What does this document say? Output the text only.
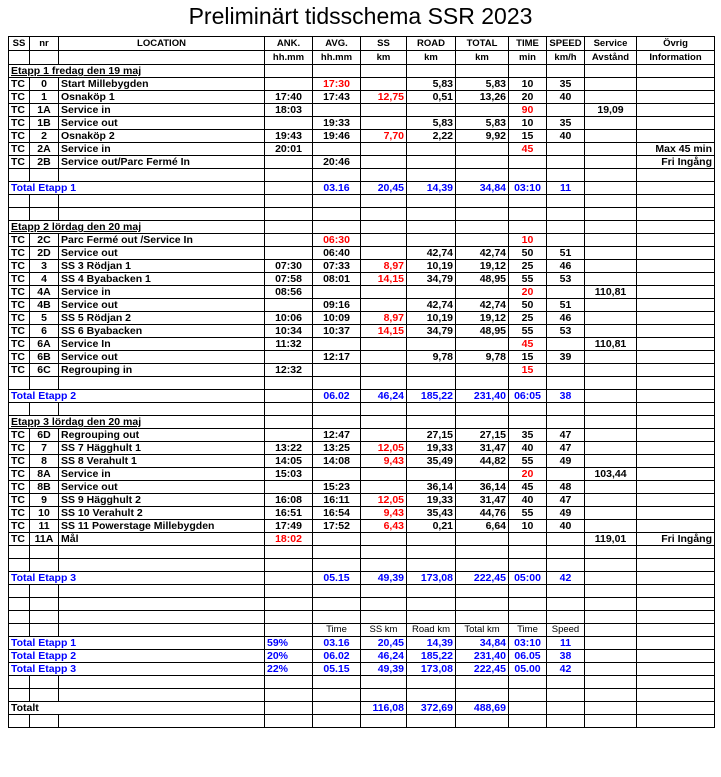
Preliminärt tidsschema SSR 2023
SS	nr	LOCATION	ANK.	AVG.	SS	ROAD	TOTAL	TIME	SPEED	Service	Övrig
			hh.mm	hh.mm	km	km	km	min	km/h	Avstånd	Information
Etapp 1 fredag den 19 maj											
TC	0	Start Millebygden		17:30		5,83	5,83	10	35		
TC	1	Osnaköp 1	17:40	17:43	12,75	0,51	13,26	20	40		
TC	1A	Service in	18:03					90		19,09	
TC	1B	Service out		19:33		5,83	5,83	10	35		
TC	2	Osnaköp 2	19:43	19:46	7,70	2,22	9,92	15	40		
TC	2A	Service in	20:01					45			Max 45 min
TC	2B	Service out/Parc Fermé In		20:46							Fri Ingång

Total Etapp 1				03.16	20,45	14,39	34,84	03:10	11		

Etapp 2 lördag den 20 maj											
TC	2C	Parc Fermé out /Service In		06:30				10			
TC	2D	Service out		06:40		42,74	42,74	50	51		
TC	3	SS 3 Rödjan 1	07:30	07:33	8,97	10,19	19,12	25	46		
TC	4	SS 4 Byabacken 1	07:58	08:01	14,15	34,79	48,95	55	53		
TC	4A	Service in	08:56					20		110,81	
TC	4B	Service out		09:16		42,74	42,74	50	51		
TC	5	SS 5 Rödjan 2	10:06	10:09	8,97	10,19	19,12	25	46		
TC	6	SS 6 Byabacken	10:34	10:37	14,15	34,79	48,95	55	53		
TC	6A	Service In	11:32					45		110,81	
TC	6B	Service out		12:17		9,78	9,78	15	39		
TC	6C	Regrouping in	12:32					15			

Total Etapp 2				06.02	46,24	185,22	231,40	06:05	38		

Etapp 3 lördag den 20 maj											
TC	6D	Regrouping out		12:47		27,15	27,15	35	47		
TC	7	SS 7 Hägghult 1	13:22	13:25	12,05	19,33	31,47	40	47		
TC	8	SS 8 Verahult 1	14:05	14:08	9,43	35,49	44,82	55	49		
TC	8A	Service in	15:03					20		103,44	
TC	8B	Service out		15:23		36,14	36,14	45	48		
TC	9	SS 9 Hägghult 2	16:08	16:11	12,05	19,33	31,47	40	47		
TC	10	SS 10 Verahult 2	16:51	16:54	9,43	35,43	44,76	55	49		
TC	11	SS 11 Powerstage Millebygden	17:49	17:52	6,43	0,21	6,64	10	40		
TC	11A	Mål	18:02							119,01	Fri Ingång

Total Etapp 3				05.15	49,39	173,08	222,45	05:00	42		

				Time	SS km	Road km	Total km	Time	Speed		
Total Etapp 1			59%	03.16	20,45	14,39	34,84	03:10	11		
Total Etapp 2			20%	06.02	46,24	185,22	231,40	06.05	38		
Total Etapp 3			22%	05.15	49,39	173,08	222,45	05.00	42		

Totalt					116,08	372,69	488,69				
